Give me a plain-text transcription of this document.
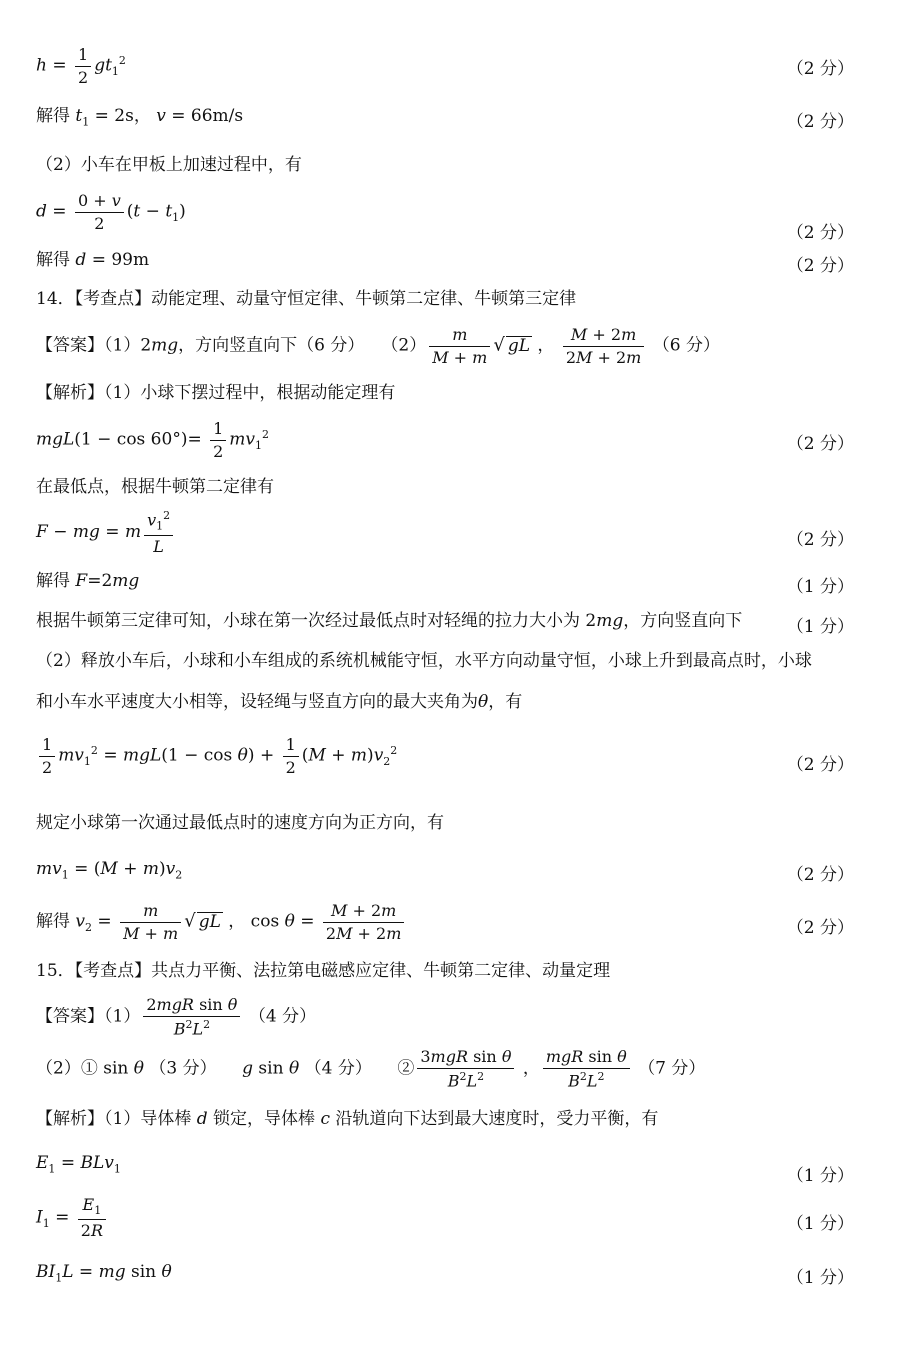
$h = \frac{1}{2} gt_1^2$	（2 分）
解得 $t_1 = 2s$， v = 66m/s	（2 分）
（2）小车在甲板上加速过程中，有
$d = \frac{0 + v}{2} (t - t_1)$
（2 分）
解得 d = 99m	（2 分）
14．【考查点】动能定理、动量守恒定律、牛顿第二定律、牛顿第三定律
【答案】（1）2mg，方向竖直向下（6 分）　　$(2) \frac{m}{M + m}$ √ gL ， $\frac{M + 2m}{2M + 2m} (6$ 分）
【解析】（1）小球下摆过程中，根据动能定理有
$mgL(1 - \cos 60^\circ)= \frac{1}{2} mv_1^2$	（2 分）
在最低点，根据牛顿第二定律有
F − mg = m $\frac{v_1^2}{L}$	（2 分）
解得 F=2mg	（1 分）
根据牛顿第三定律可知，小球在第一次经过最低点时对轻绳的拉力大小为 2mg，方向竖直向下	（1 分）
（2）释放小车后，小球和小车组成的系统机械能守恒，水平方向动量守恒，小球上升到最高点时，小球
和小车水平速度大小相等，设轻绳与竖直方向的最大夹角为θ，有
$\frac{1}{2} mv_1^2 = mgL(1 - \cos \theta) + \frac{1}{2} (M + m)v_2^2$
（2 分）
规定小球第一次通过最低点时的速度方向为正方向，有
$mv_1 = (M + m)v_2$	（2 分）
解得 $v_2 = \frac{m}{M + m}$ √ gL ， $\cos \theta = \frac{M + 2m}{2M + 2m}$	（2 分）
15．【考查点】共点力平衡、法拉第电磁感应定律、牛顿第二定律、动量定理
【答案】（1）
2mgR sin θ
$B^2L^2$	（4 分）
（2）① sin θ （3 分）　　 g sin θ （4 分）　　 ②
3mgR sin θ
$B^2L^2$	，
mgR sin θ
$B^2L^2$	（7 分）
【解析】（1）导体棒 d 锁定，导体棒 c 沿轨道向下达到最大速度时，受力平衡，有
$E_1 = BLv_1$	（1 分）
$I_1 = \frac{E_1}{2R}$	（1 分）
$BI_1L$ = mg sin θ	（1 分）
